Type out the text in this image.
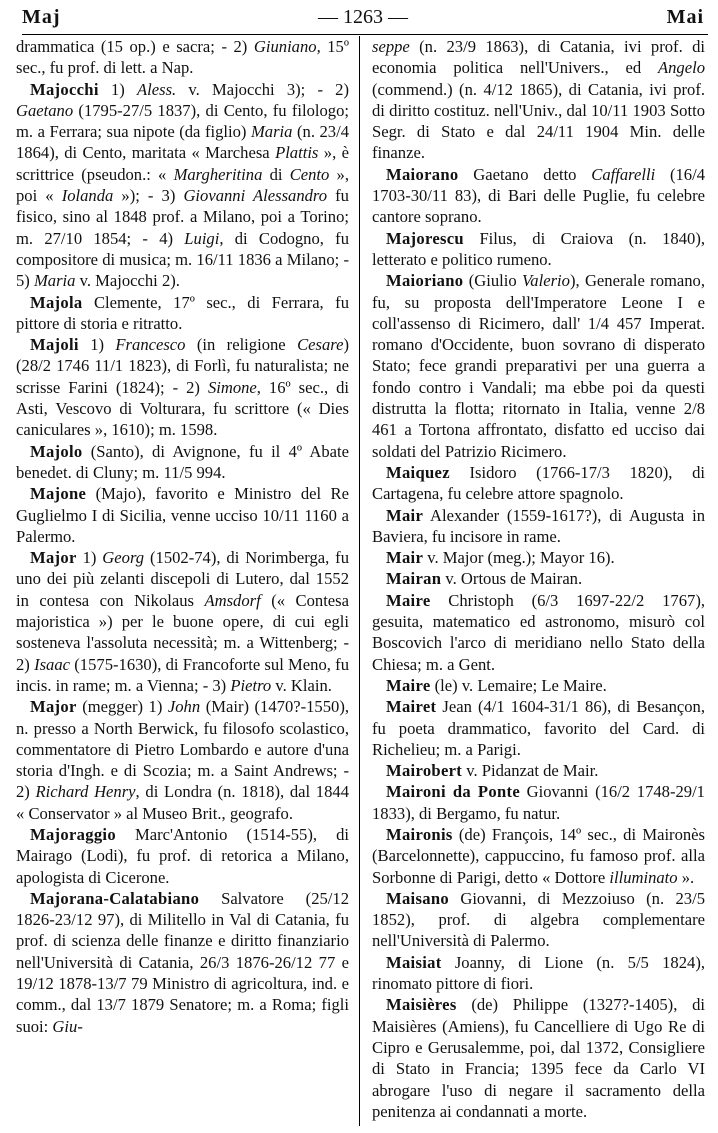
Maj	— 1263 —	Mai

drammatica (15 op.) e sacra; - 2) Giuniano, 15º sec., fu prof. di lett. a Nap.

Majocchi 1) Aless. v. Majocchi 3); - 2) Gaetano (1795-27/5 1837), di Cento, fu filologo; m. a Ferrara; sua nipote (da figlio) Maria (n. 23/4 1864), di Cento, maritata « Marchesa Plattis », è scrittrice (pseudon.: « Margheritina di Cento », poi « Iolanda »); - 3) Giovanni Alessandro fu fisico, sino al 1848 prof. a Milano, poi a Torino; m. 27/10 1854; - 4) Luigi, di Codogno, fu compositore di musica; m. 16/11 1836 a Milano; - 5) Maria v. Majocchi 2).

Majola Clemente, 17º sec., di Ferrara, fu pittore di storia e ritratto.

Majoli 1) Francesco (in religione Cesare) (28/2 1746 11/1 1823), di Forlì, fu naturalista; ne scrisse Farini (1824); - 2) Simone, 16º sec., di Asti, Vescovo di Volturara, fu scrittore (« Dies caniculares », 1610); m. 1598.

Majolo (Santo), di Avignone, fu il 4º Abate benedet. di Cluny; m. 11/5 994.

Majone (Majo), favorito e Ministro del Re Guglielmo I di Sicilia, venne ucciso 10/11 1160 a Palermo.

Major 1) Georg (1502-74), di Norimberga, fu uno dei più zelanti discepoli di Lutero, dal 1552 in contesa con Nikolaus Amsdorf (« Contesa majoristica ») per le buone opere, di cui egli sosteneva l'assoluta necessità; m. a Wittenberg; - 2) Isaac (1575-1630), di Francoforte sul Meno, fu incis. in rame; m. a Vienna; - 3) Pietro v. Klain.

Major (megger) 1) John (Mair) (1470?-1550), n. presso a North Berwick, fu filosofo scolastico, commentatore di Pietro Lombardo e autore d'una storia d'Ingh. e di Scozia; m. a Saint Andrews; - 2) Richard Henry, di Londra (n. 1818), dal 1844 « Conservator » al Museo Brit., geografo.

Majoraggio Marc'Antonio (1514-55), di Mairago (Lodi), fu prof. di retorica a Milano, apologista di Cicerone.

Majorana-Calatabiano Salvatore (25/12 1826-23/12 97), di Militello in Val di Catania, fu prof. di scienza delle finanze e diritto finanziario nell'Università di Catania, 26/3 1876-26/12 77 e 19/12 1878-13/7 79 Ministro di agricoltura, ind. e comm., dal 13/7 1879 Senatore; m. a Roma; figli suoi: Giu-

seppe (n. 23/9 1863), di Catania, ivi prof. di economia politica nell'Univers., ed Angelo (commend.) (n. 4/12 1865), di Catania, ivi prof. di diritto costituz. nell'Univ., dal 10/11 1903 Sotto Segr. di Stato e dal 24/11 1904 Min. delle finanze.

Maiorano Gaetano detto Caffarelli (16/4 1703-30/11 83), di Bari delle Puglie, fu celebre cantore soprano.

Majorescu Filus, di Craiova (n. 1840), letterato e politico rumeno.

Maioriano (Giulio Valerio), Generale romano, fu, su proposta dell'Imperatore Leone I e coll'assenso di Ricimero, dall' 1/4 457 Imperat. romano d'Occidente, buon sovrano di disperato Stato; fece grandi preparativi per una guerra a fondo contro i Vandali; ma ebbe poi da questi distrutta la flotta; ritornato in Italia, venne 2/8 461 a Tortona affrontato, disfatto ed ucciso dai soldati del Patrizio Ricimero.

Maiquez Isidoro (1766-17/3 1820), di Cartagena, fu celebre attore spagnolo.

Mair Alexander (1559-1617?), di Augusta in Baviera, fu incisore in rame.

Mair v. Major (meg.); Mayor 16).

Mairan v. Ortous de Mairan.

Maire Christoph (6/3 1697-22/2 1767), gesuita, matematico ed astronomo, misurò col Boscovich l'arco di meridiano nello Stato della Chiesa; m. a Gent.

Maire (le) v. Lemaire; Le Maire.

Mairet Jean (4/1 1604-31/1 86), di Besançon, fu poeta drammatico, favorito del Card. di Richelieu; m. a Parigi.

Mairobert v. Pidanzat de Mair.

Maironi da Ponte Giovanni (16/2 1748-29/1 1833), di Bergamo, fu natur.

Maironis (de) François, 14º sec., di Maironès (Barcelonnette), cappuccino, fu famoso prof. alla Sorbonne di Parigi, detto « Dottore illuminato ».

Maisano Giovanni, di Mezzoiuso (n. 23/5 1852), prof. di algebra complementare nell'Università di Palermo.

Maisiat Joanny, di Lione (n. 5/5 1824), rinomato pittore di fiori.

Maisières (de) Philippe (1327?-1405), di Maisières (Amiens), fu Cancelliere di Ugo Re di Cipro e Gerusalemme, poi, dal 1372, Consigliere di Stato in Francia; 1395 fece da Carlo VI abrogare l'uso di negare il sacramento della penitenza ai condannati a morte.
